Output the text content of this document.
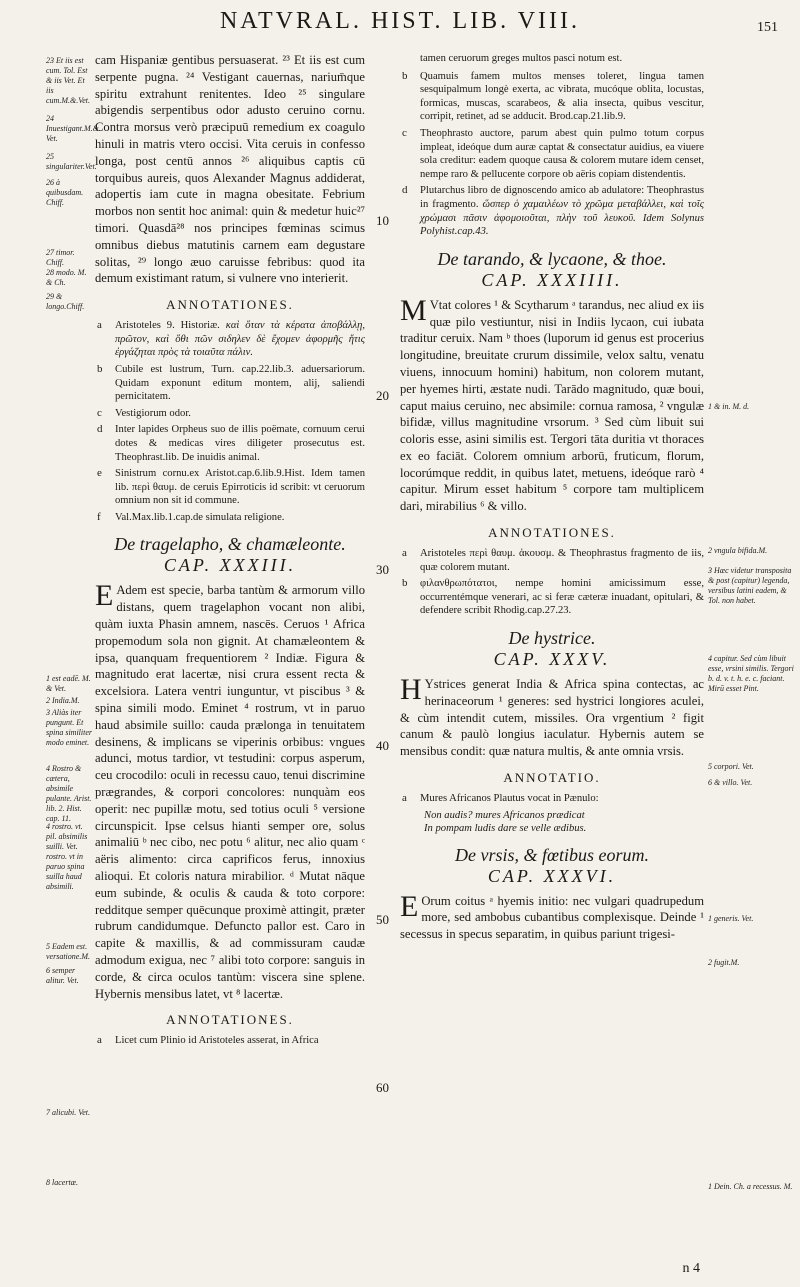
NATVRAL. HIST. LIB. VIII.	151
23 Et iis est cum. Tol. Est & iis Vet. Et iis cum.M.&.Vet.
24 Inuestigant.M.&. Vet.
25 singulariter.Vet.
26 à quibusdam. Chiff.
27 timor. Chiff.
28 modo. M. & Ch.
29 & longo.Chiff.
1 est eadē. M. & Vet.
2 India.M.
3 Aliàs iter pungunt. Et spina similiter modo eminet.
4 Rostro & cætera, absimile pulante. Arist. lib. 2. Hist. cap. 11.
4 rostro. vt. pil. absimilis suilli. Vet. rostro. vt in paruo spina suilla haud absimili.
5 Eadem est. versatione.M.
6 semper alitur. Vet.
7 alicubi. Vet.
8 lacertæ.

cam Hispaniæ gentibus persuaserat. ²³ Et iis est cum serpente pugna. ²⁴ Vestigant cauernas, narium̄que spiritu extrahunt renitentes. Ideo ²⁵ singulare abigendis serpentibus odor adusto ceruino cornu. Contra morsus verò præcipuū remedium ex coagulo hinuli in matris vtero occisi. Vita ceruis in confesso longa, post centū annos ²⁶ aliquibus captis cū torquibus aureis, quos Alexander Magnus addiderat, adopertis iam cute in magna obesitate. Febrium morbos non sentit hoc animal: quin & medetur huic²⁷ timori. Quasdā²⁸ nos principes fœminas scimus omnibus diebus matutinis carnem eam degustare solitas, ²⁹ longo æuo caruisse febribus: quod ita demum existimant ratum, si vulnere vno interierit.

ANNOTATIONES.
a Aristoteles 9. Historiæ. καὶ ὅταν τὰ κέρατα ἀποβάλλῃ, πρῶτον, καὶ ὅθι πῶν σιδηλεν δὲ ἔχομεν ἀφορμῆς ἥτις ἐργάζηται πρὸς τὰ τοιαῦτα πάλιν.
b Cubile est lustrum, Turn. cap.22.lib.3. aduersariorum. Quidam exponunt editum montem, alij, saliendi pernicitatem.
c Vestigiorum odor.
d Inter lapides Orpheus suo de illis poëmate, cornuum cerui dotes & medicas vires diligeter prosecutus est. Theophrast.lib. De inuidis animal.
e Sinistrum cornu.ex Aristot.cap.6.lib.9.Hist. Idem tamen lib. περὶ θαυμ. de ceruis Epirroticis id scribit: vt ceruorum omnium non sit id commune.
f Val.Max.lib.1.cap.de simulata religione.
De tragelapho, & chamæleonte.
CAP. XXXIII.

EAdem est specie, barba tantùm & armorum villo distans, quem tragelaphon vocant non alibi, quàm iuxta Phasin amnem, nascēs. Ceruos ¹ Africa propemodum sola non gignit. At chamæleontem & ipsa, quanquam frequentiorem ² Indiæ. Figura & magnitudo erat lacertæ, nisi crura essent recta & excelsiora. Latera ventri iunguntur, vt piscibus ³ & spina simili modo. Eminet ⁴ rostrum, vt in paruo haud absimile suillo: cauda prælonga in tenuitatem desinens, & implicans se viperinis orbibus: vngues adunci, motus tardior, vt testudini: corpus asperum, ceu crocodilo: oculi in recessu cauo, tenui discrimine prægrandes, & corpori concolores: nunquàm eos operit: nec pupillæ motu, sed totius oculi ⁵ versione circunspicit. Ipse celsus hianti semper ore, solus animaliū ᵇ nec cibo, nec potu ⁶ alitur, nec alio quam ᶜ aëris alimento: circa caprificos ferus, innoxius alioqui. Et coloris natura mirabilior. ᵈ Mutat nāque eum subinde, & oculis & cauda & toto corpore: redditque semper quēcunque proximè attingit, præter rubrum candidumque. Defuncto pallor est. Caro in capite & maxillis, & ad commissuram caudæ admodum exigua, nec ⁷ alibi toto corpore: sanguis in corde, & circa oculos tantùm: viscera sine splene. Hybernis mensibus latet, vt ⁸ lacertæ.

ANNOTATIONES.
a Licet cum Plinio id Aristoteles asserat, in Africa
10
20
30
40
50
60

tamen ceruorum greges multos pasci notum est.

b Quamuis famem multos menses toleret, lingua tamen sesquipalmum longè exerta, ac vibrata, mucóque oblita, locustas, formicas, muscas, scarabeos, & alia insecta, quibus vescitur, corripit, retinet, ad se adducit. Brod.cap.21.lib.9.
c Theophrasto auctore, parum abest quin pulmo totum corpus impleat, ideóque dum auræ captat & consectatur auidius, ea viuere sola creditur: eadem quoque causa & colorem mutare idem censet, nempe raro & pellucente corpore ob aëris copiam distendentis.
d Plutarchus libro de dignoscendo amico ab adulatore: Theophrastus in fragmento. ὥσπερ ὁ χαμαιλέων τὸ χρῶμα μεταβάλλει, καὶ τοῖς χρώμασι πᾶσιν ἀφομοιοῦται, πλὴν τοῦ λευκοῦ. Idem Solynus Polyhist.cap.43.
De tarando, & lycaone, & thoe.
CAP. XXXIIII.

MVtat colores ¹ & Scytharum ᵃ tarandus, nec aliud ex iis quæ pilo vestiuntur, nisi in Indiis lycaon, cui iubata traditur ceruix. Nam ᵇ thoes (luporum id genus est procerius longitudine, breuitate crurum dissimile, velox saltu, venatu viuens, innocuum homini) habitum, non colorem mutant, per hyemes hirti, æstate nudi. Tarādo magnitudo, quæ boui, caput maius ceruino, nec absimile: cornua ramosa, ² vngulæ bifidæ, villus magnitudine vrsorum. ³ Sed cùm libuit sui coloris esse, asini similis est. Tergori tāta duritia vt thoraces ex eo faciāt. Colorem omnium arborū, fruticum, florum, locorúmque reddit, in quibus latet, metuens, ideóque rarò ⁴ capitur. Mirum esset habitum ⁵ corpore tam multiplicem dari, mirabilius ⁶ & villo.

ANNOTATIONES.
a Aristoteles περὶ θαυμ. ἀκουσμ. & Theophrastus fragmento de iis, quæ colorem mutant.
b φιλανθρωπότατοι, nempe homini amicissimum esse, occurrentémque venerari, ac si feræ cæteræ inuadant, opitulari, & defendere scribit Rhodig.cap.27.23.
De hystrice.
CAP. XXXV.

HYstrices generat India & Africa spina contectas, ac herinaceorum ¹ generes: sed hystrici longiores aculei, & cùm intendit cutem, missiles. Ora vrgentium ² figit canum & paulò longius iaculatur. Hybernis autem se mensibus condit: quæ natura multis, & ante omnia vrsis.

ANNOTATIO.
a Mures Africanos Plautus vocat in Pænulo:
Non audis? mures Africanos prædicat
In pompam ludis dare se velle ædibus.
De vrsis, & fœtibus eorum.
CAP. XXXVI.

EOrum coitus ᵃ hyemis initio: nec vulgari quadrupedum more, sed ambobus cubantibus complexisque. Deinde ¹ secessus in specus separatim, in quibus pariunt trigesi-

1 & in. M. d.
2 vngula bifida.M.
3 Hæc videtur transposita & post (capitur) legenda, versibus latini eadem, & Tol. non habet.
4 capitur. Sed cùm libuit esse, vrsini similis. Tergori b. d. v. t. h. e. c. faciant. Mirū esset Pint.
5 corpori. Vet.
6 & villo. Vet.
1 generis. Vet.
2 fugit.M.
1 Dein. Ch. a recessus. M.
n 4
